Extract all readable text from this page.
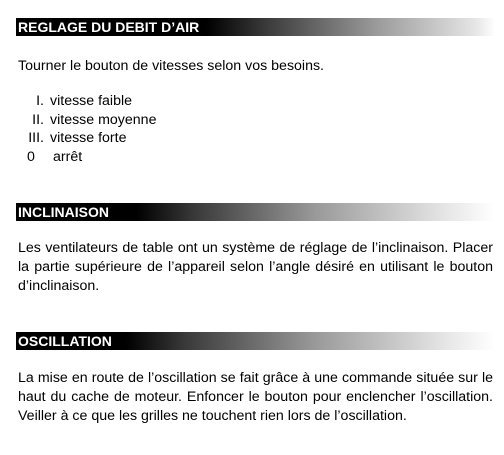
REGLAGE DU DEBIT D’AIR

Tourner le bouton de vitesses selon vos besoins.

I. vitesse faible
II. vitesse moyenne
III. vitesse forte
0	arrêt
INCLINAISON

Les ventilateurs de table ont un système de réglage de l’inclinaison. Placer la partie supérieure de l’appareil selon l’angle désiré en utilisant le bouton d’inclinaison.

OSCILLATION

La mise en route de l’oscillation se fait grâce à une commande située sur le haut du cache de moteur. Enfoncer le bouton pour enclencher l’oscillation. Veiller à ce que les grilles ne touchent rien lors de l’oscillation.
